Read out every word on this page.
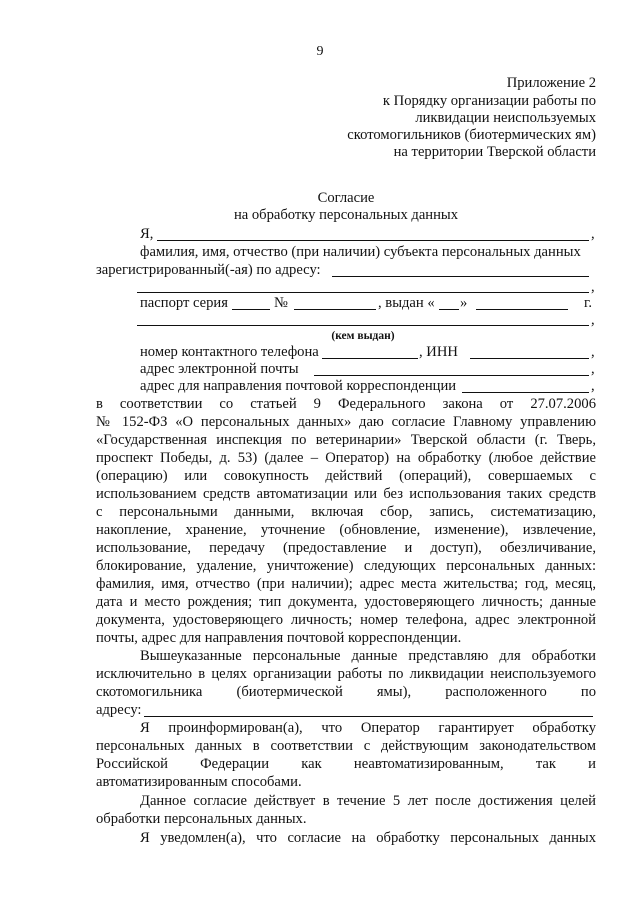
9
Приложение 2
к Порядку организации работы по
ликвидации неиспользуемых
скотомогильников (биотермических ям)
на территории Тверской области
Согласие
на обработку персональных данных
Я,	,
фамилия, имя, отчество (при наличии) субъекта персональных данных
зарегистрированный(-ая) по адресу:
,
паспорт серия	№	, выдан « »	г.
,
(кем выдан)
номер контактного телефона	, ИНН	,
адрес электронной почты	,
адрес для направления почтовой корреспонденции	,
в соответствии со статьей 9 Федерального закона от 27.07.2006
№ 152-ФЗ «О персональных данных» даю согласие Главному управлению
«Государственная инспекция по ветеринарии» Тверской области (г. Тверь,
проспект Победы, д. 53) (далее – Оператор) на обработку (любое действие
(операцию) или совокупность действий (операций), совершаемых с
использованием средств автоматизации или без использования таких средств
с персональными данными, включая сбор, запись, систематизацию,
накопление, хранение, уточнение (обновление, изменение), извлечение,
использование, передачу (предоставление и доступ), обезличивание,
блокирование, удаление, уничтожение) следующих персональных данных:
фамилия, имя, отчество (при наличии); адрес места жительства; год, месяц,
дата и место рождения; тип документа, удостоверяющего личность; данные
документа, удостоверяющего личность; номер телефона, адрес электронной
почты, адрес для направления почтовой корреспонденции.
Вышеуказанные персональные данные представляю для обработки
исключительно в целях организации работы по ликвидации неиспользуемого
скотомогильника (биотермической ямы), расположенного по
адресу:
Я проинформирован(а), что Оператор гарантирует обработку
персональных данных в соответствии с действующим законодательством
Российской Федерации как неавтоматизированным, так и
автоматизированным способами.
Данное согласие действует в течение 5 лет после достижения целей
обработки персональных данных.
Я уведомлен(а), что согласие на обработку персональных данных
